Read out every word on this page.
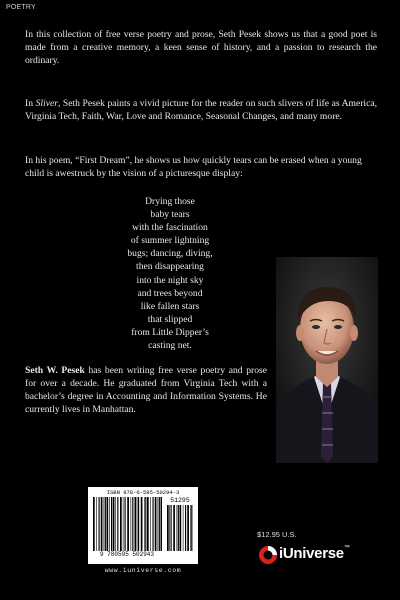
POETRY

In this collection of free verse poetry and prose, Seth Pesek shows us that a good poet is made from a creative memory, a keen sense of history, and a passion to research the ordinary.

In Sliver, Seth Pesek paints a vivid picture for the reader on such slivers of life as America, Virginia Tech, Faith, War, Love and Romance, Seasonal Changes, and many more.

In his poem, “First Dream”, he shows us how quickly tears can be erased when a young child is awestruck by the vision of a picturesque display:

Drying those
baby tears
with the fascination
of summer lightning
bugs; dancing, diving,
then disappearing
into the night sky
and trees beyond
like fallen stars
that slipped
from Little Dipper’s
casting net.

Seth W. Pesek has been writing free verse poetry and prose for over a decade. He graduated from Virginia Tech with a bachelor’s degree in Accounting and Information Systems. He currently lives in Manhattan.

ISBN 978-0-595-50294-3
51295
9 780595 502943
www.iuniverse.com
$12.95 U.S.
iUniverse™
